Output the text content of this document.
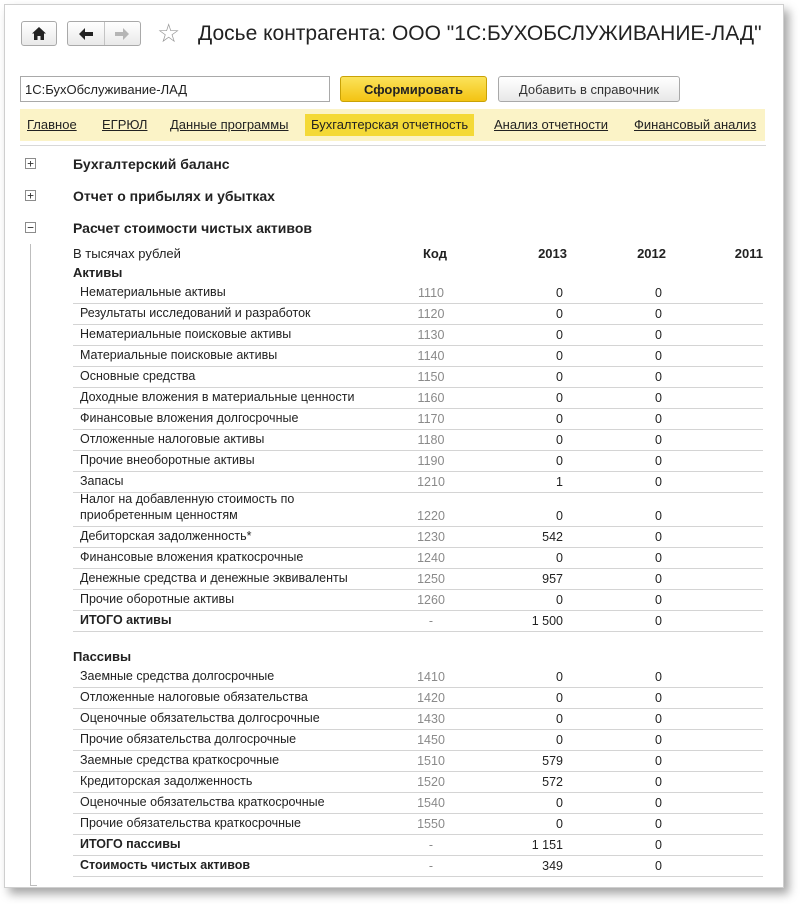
☆ Досье контрагента: ООО "1С:БУХОБСЛУЖИВАНИЕ-ЛАД"
1С:БухОбслуживание-ЛАД
Сформировать	Добавить в справочник
Главное ЕГРЮЛ Данные программы	Бухгалтерская отчетность	Анализ отчетности Финансовый анализ
+	Бухгалтерский баланс
+	Отчет о прибылях и убытках
−	Расчет стоимости чистых активов
В тысячах рублей	Код	2013	2012	2011
Активы
Нематериальные активы	1110	0	0
Результаты исследований и разработок	1120	0	0
Нематериальные поисковые активы	1130	0	0
Материальные поисковые активы	1140	0	0
Основные средства	1150	0	0
Доходные вложения в материальные ценности	1160	0	0
Финансовые вложения долгосрочные	1170	0	0
Отложенные налоговые активы	1180	0	0
Прочие внеоборотные активы	1190	0	0
Запасы	1210	1	0
Налог на добавленную стоимость по приобретенным ценностям	1220	0	0
Дебиторская задолженность*	1230	542	0
Финансовые вложения краткосрочные	1240	0	0
Денежные средства и денежные эквиваленты	1250	957	0
Прочие оборотные активы	1260	0	0
ИТОГО активы	-	1 500	0
Пассивы
Заемные средства долгосрочные	1410	0	0
Отложенные налоговые обязательства	1420	0	0
Оценочные обязательства долгосрочные	1430	0	0
Прочие обязательства долгосрочные	1450	0	0
Заемные средства краткосрочные	1510	579	0
Кредиторская задолженность	1520	572	0
Оценочные обязательства краткосрочные	1540	0	0
Прочие обязательства краткосрочные	1550	0	0
ИТОГО пассивы	-	1 151	0
Стоимость чистых активов	-	349	0
